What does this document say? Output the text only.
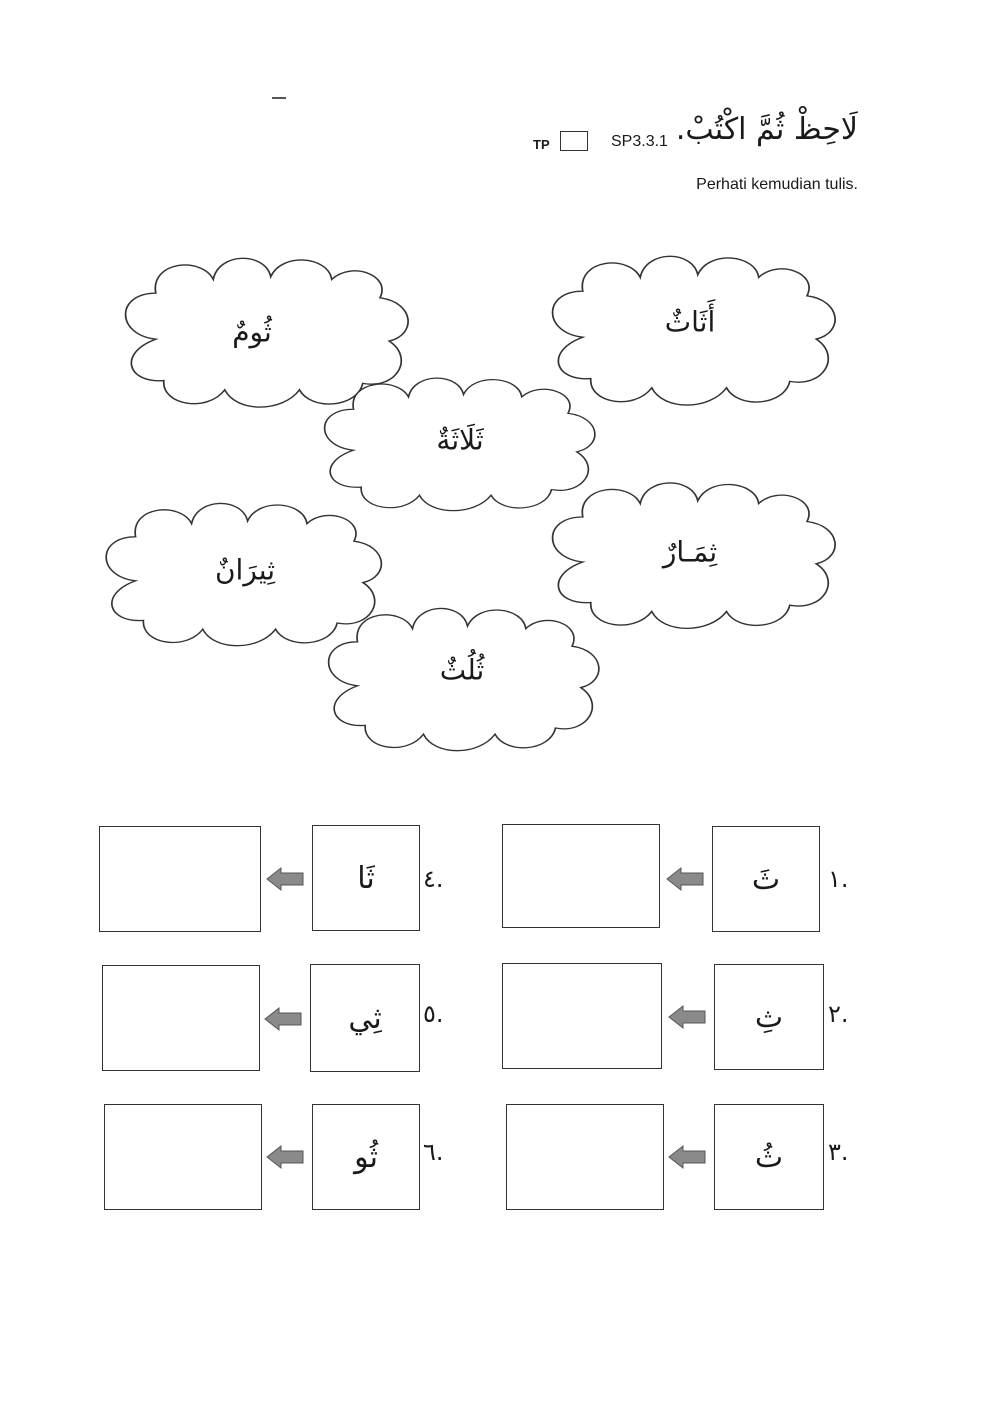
لَاحِظْ ثُمَّ اكْتُبْ.
TP	SP3.3.1
Perhati kemudian tulis.
ثُومٌ	أَثَاثٌ
ثَلَاثَةٌ
ثِيرَانٌ
ثِمَـارٌ
ثُلُثٌ
.١
ثَ
.٢
ثِ
.٣
ثُ
.٤
ثَا
.٥
ثِي
.٦
ثُو
